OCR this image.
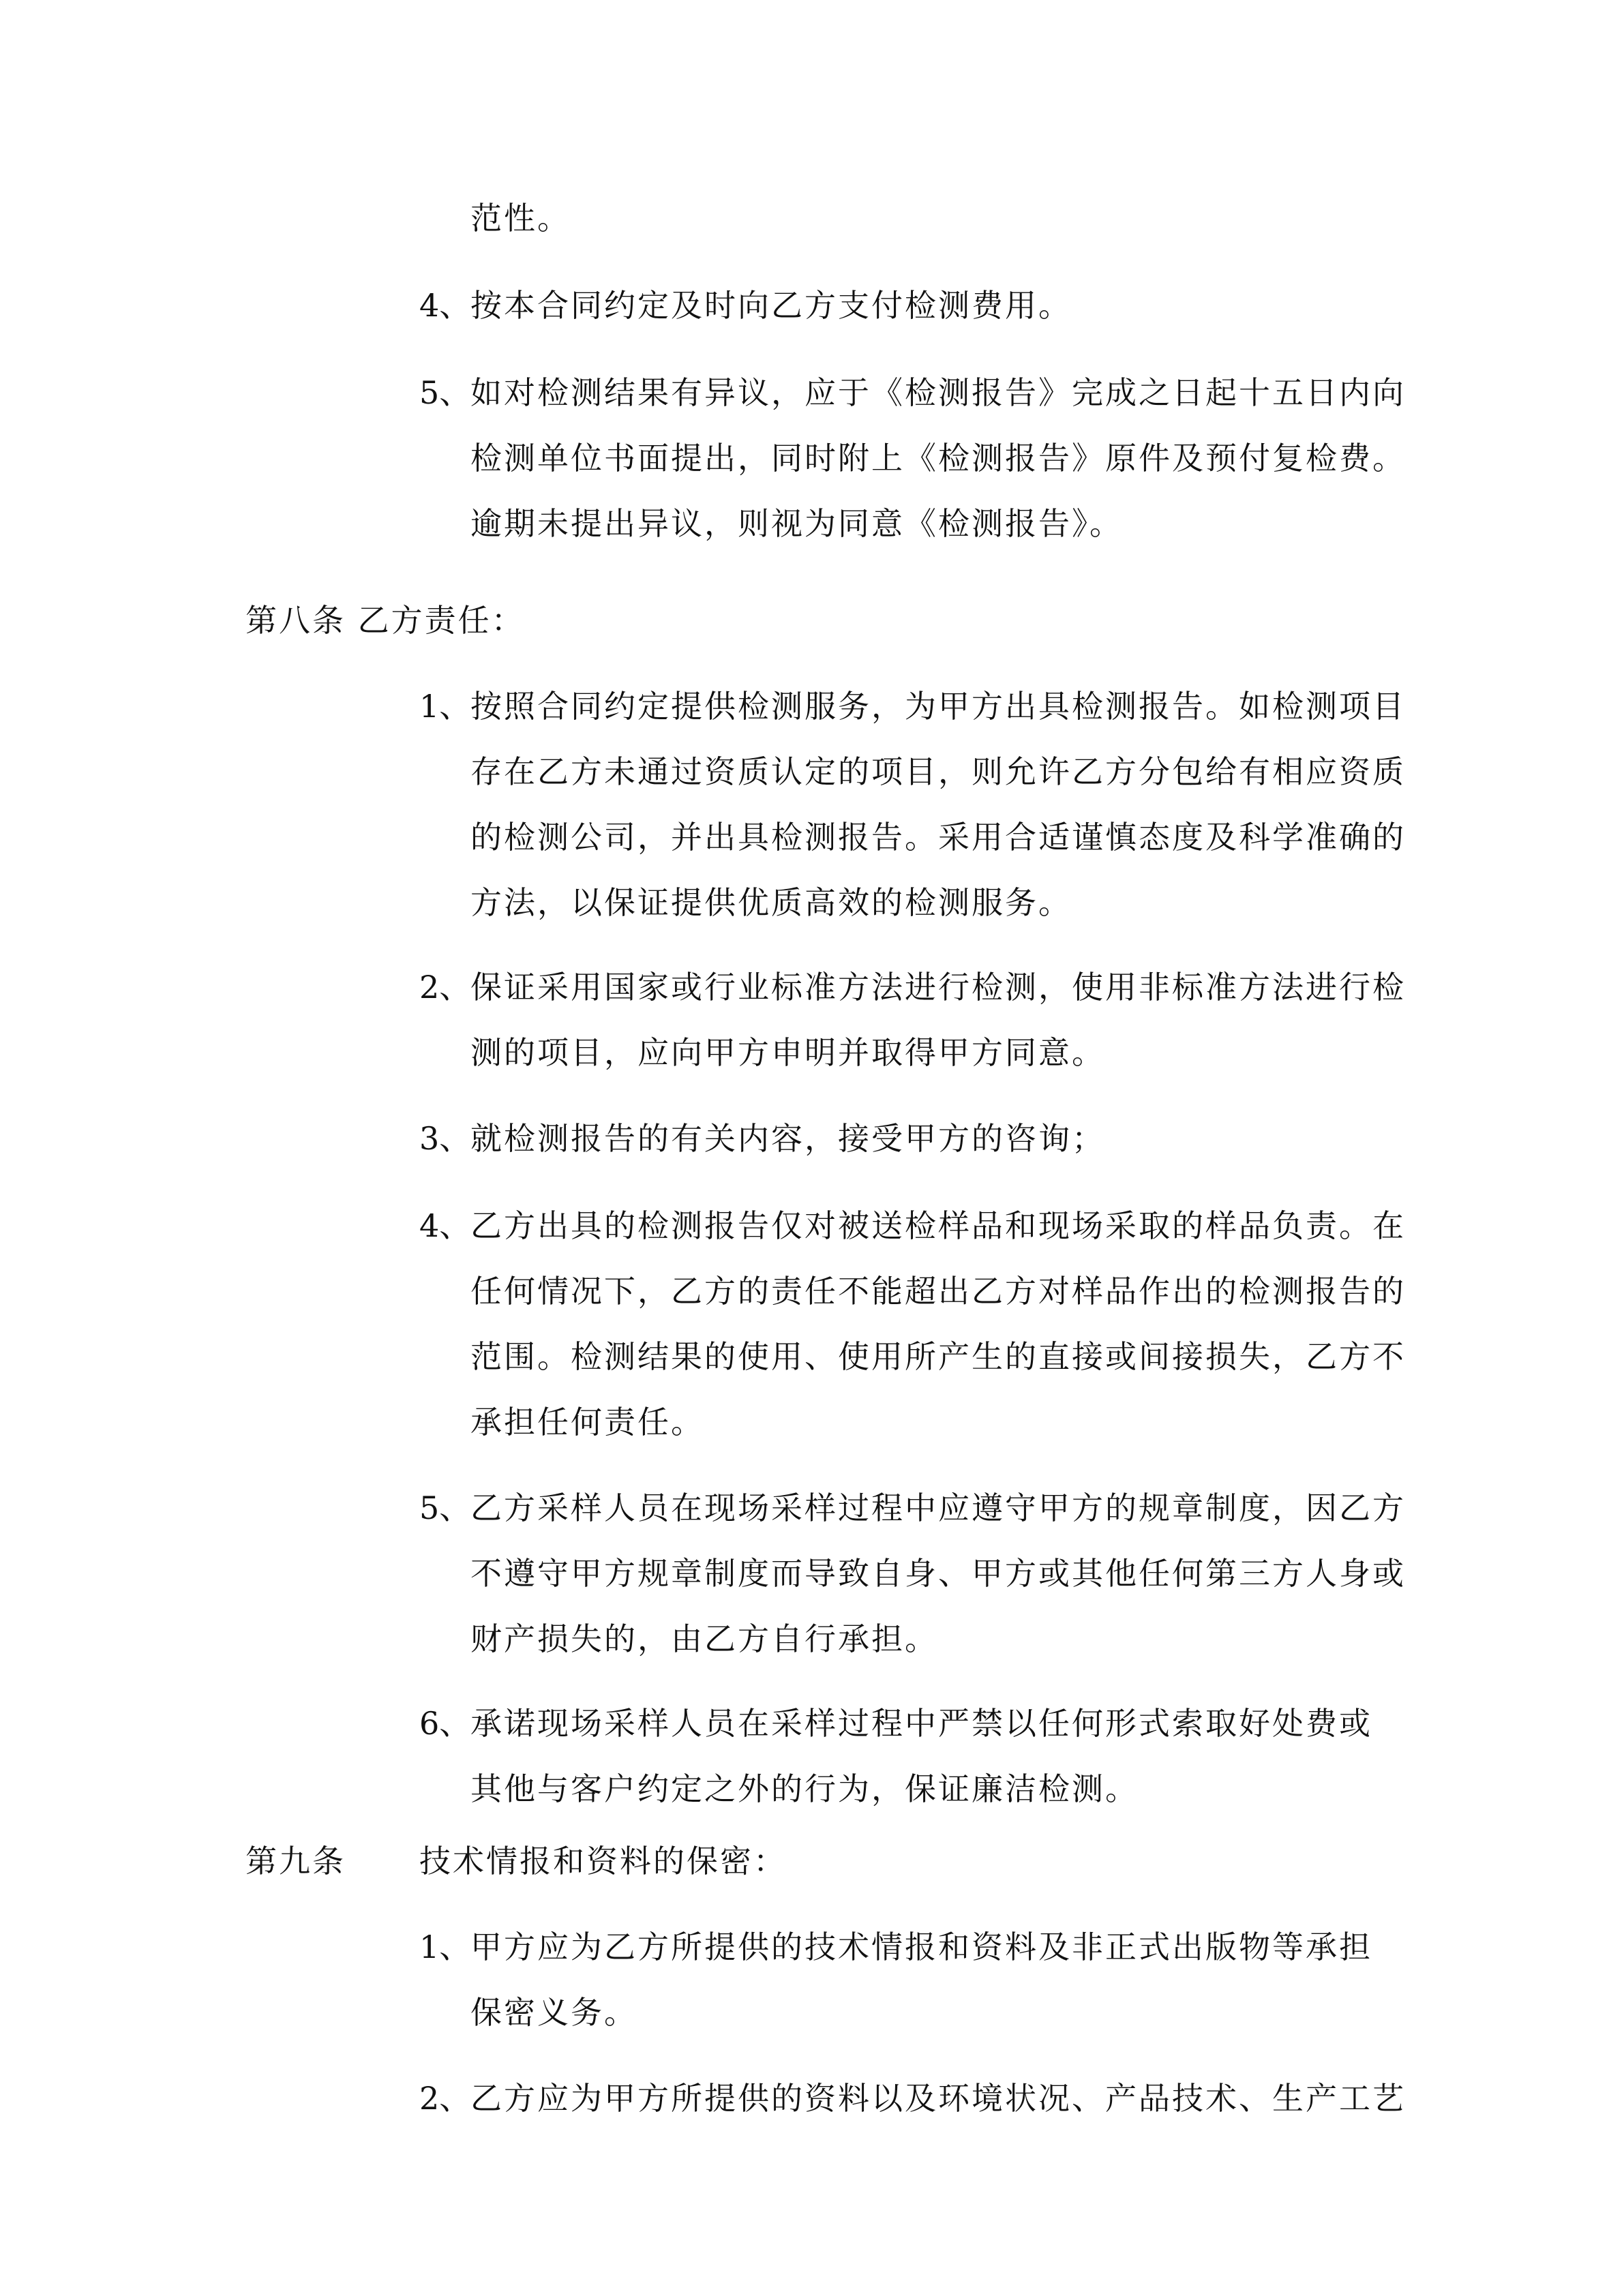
范性。
4、 按本合同约定及时向乙方支付检测费用。
5、 如对检测结果有异议，应于《检测报告》完成之日起十五日内向
检测单位书面提出，同时附上《检测报告》原件及预付复检费。
逾期未提出异议，则视为同意《检测报告》。
第八条 乙方责任：
1、 按照合同约定提供检测服务，为甲方出具检测报告。如检测项目
存在乙方未通过资质认定的项目，则允许乙方分包给有相应资质
的检测公司，并出具检测报告。采用合适谨慎态度及科学准确的
方法，以保证提供优质高效的检测服务。
2、 保证采用国家或行业标准方法进行检测，使用非标准方法进行检
测的项目，应向甲方申明并取得甲方同意。
3、 就检测报告的有关内容，接受甲方的咨询；
4、 乙方出具的检测报告仅对被送检样品和现场采取的样品负责。在
任何情况下，乙方的责任不能超出乙方对样品作出的检测报告的
范围。检测结果的使用、使用所产生的直接或间接损失，乙方不
承担任何责任。
5、 乙方采样人员在现场采样过程中应遵守甲方的规章制度，因乙方
不遵守甲方规章制度而导致自身、甲方或其他任何第三方人身或
财产损失的，由乙方自行承担。
6、 承诺现场采样人员在采样过程中严禁以任何形式索取好处费或
其他与客户约定之外的行为，保证廉洁检测。
第九条 技术情报和资料的保密：
1、 甲方应为乙方所提供的技术情报和资料及非正式出版物等承担
保密义务。
2、 乙方应为甲方所提供的资料以及环境状况、产品技术、生产工艺
